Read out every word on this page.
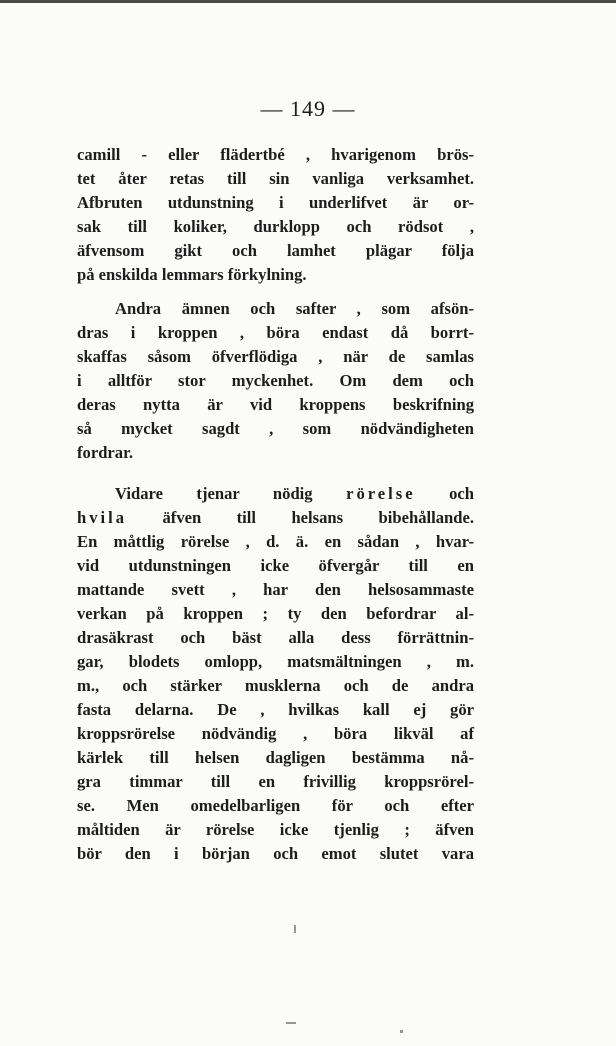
— 149 —
camill - eller flädertbé , hvarigenom brös-
tet åter retas till sin vanliga verksamhet.
Afbruten utdunstning i underlifvet är or-
sak till koliker, durklopp och rödsot ,
äfvensom gikt och lamhet plägar följa
på enskilda lemmars förkylning.
Andra ämnen och safter , som afsön-
dras i kroppen , böra endast då borrt-
skaffas såsom öfverflödiga , när de samlas
i alltför stor myckenhet. Om dem och
deras nytta är vid kroppens beskrifning
så mycket sagdt , som nödvändigheten
fordrar.
Vidare tjenar nödig rörelse och
hvila äfven till helsans bibehållande.
En måttlig rörelse , d. ä. en sådan , hvar-
vid utdunstningen icke öfvergår till en
mattande svett , har den helsosammaste
verkan på kroppen ; ty den befordrar al-
drasäkrast och bäst alla dess förrättnin-
gar, blodets omlopp, matsmältningen , m.
m., och stärker musklerna och de andra
fasta delarna. De , hvilkas kall ej gör
kroppsrörelse nödvändig , böra likväl af
kärlek till helsen dagligen bestämma nå-
gra timmar till en frivillig kroppsrörel-
se. Men omedelbarligen för och efter
måltiden är rörelse icke tjenlig ; äfven
bör den i början och emot slutet vara
